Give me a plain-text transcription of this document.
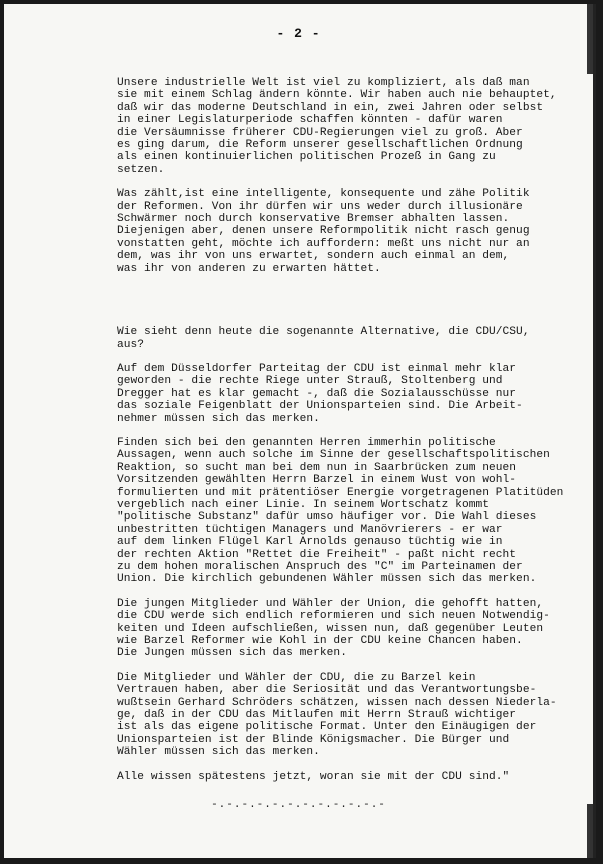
- 2 -

Unsere industrielle Welt ist viel zu kompliziert, als daß man
sie mit einem Schlag ändern könnte. Wir haben auch nie behauptet,
daß wir das moderne Deutschland in ein, zwei Jahren oder selbst
in einer Legislaturperiode schaffen könnten - dafür waren
die Versäumnisse früherer CDU-Regierungen viel zu groß. Aber
es ging darum, die Reform unserer gesellschaftlichen Ordnung
als einen kontinuierlichen politischen Prozeß in Gang zu
setzen.

Was zählt,ist eine intelligente, konsequente und zähe Politik
der Reformen. Von ihr dürfen wir uns weder durch illusionäre
Schwärmer noch durch konservative Bremser abhalten lassen.
Diejenigen aber, denen unsere Reformpolitik nicht rasch genug
vonstatten geht, möchte ich auffordern: meßt uns nicht nur an
dem, was ihr von uns erwartet, sondern auch einmal an dem,
was ihr von anderen zu erwarten hättet.

Wie sieht denn heute die sogenannte Alternative, die CDU/CSU,
aus?

Auf dem Düsseldorfer Parteitag der CDU ist einmal mehr klar
geworden - die rechte Riege unter Strauß, Stoltenberg und
Dregger hat es klar gemacht -, daß die Sozialausschüsse nur
das soziale Feigenblatt der Unionsparteien sind. Die Arbeit-
nehmer müssen sich das merken.

Finden sich bei den genannten Herren immerhin politische
Aussagen, wenn auch solche im Sinne der gesellschaftspolitischen
Reaktion, so sucht man bei dem nun in Saarbrücken zum neuen
Vorsitzenden gewählten Herrn Barzel in einem Wust von wohl-
formulierten und mit prätentiöser Energie vorgetragenen Platitüden
vergeblich nach einer Linie. In seinem Wortschatz kommt
"politische Substanz" dafür umso häufiger vor. Die Wahl dieses
unbestritten tüchtigen Managers und Manövrierers - er war
auf dem linken Flügel Karl Arnolds genauso tüchtig wie in
der rechten Aktion "Rettet die Freiheit" - paßt nicht recht
zu dem hohen moralischen Anspruch des "C" im Parteinamen der
Union. Die kirchlich gebundenen Wähler müssen sich das merken.

Die jungen Mitglieder und Wähler der Union, die gehofft hatten,
die CDU werde sich endlich reformieren und sich neuen Notwendig-
keiten und Ideen aufschließen, wissen nun, daß gegenüber Leuten
wie Barzel Reformer wie Kohl in der CDU keine Chancen haben.
Die Jungen müssen sich das merken.

Die Mitglieder und Wähler der CDU, die zu Barzel kein
Vertrauen haben, aber die Seriosität und das Verantwortungsbe-
wußtsein Gerhard Schröders schätzen, wissen nach dessen Niederla-
ge, daß in der CDU das Mitlaufen mit Herrn Strauß wichtiger
ist als das eigene politische Format. Unter den Einäugigen der
Unionsparteien ist der Blinde Königsmacher. Die Bürger und
Wähler müssen sich das merken.

Alle wissen spätestens jetzt, woran sie mit der CDU sind."

-.-.-.-.-.-.-.-.-.-.-.-
